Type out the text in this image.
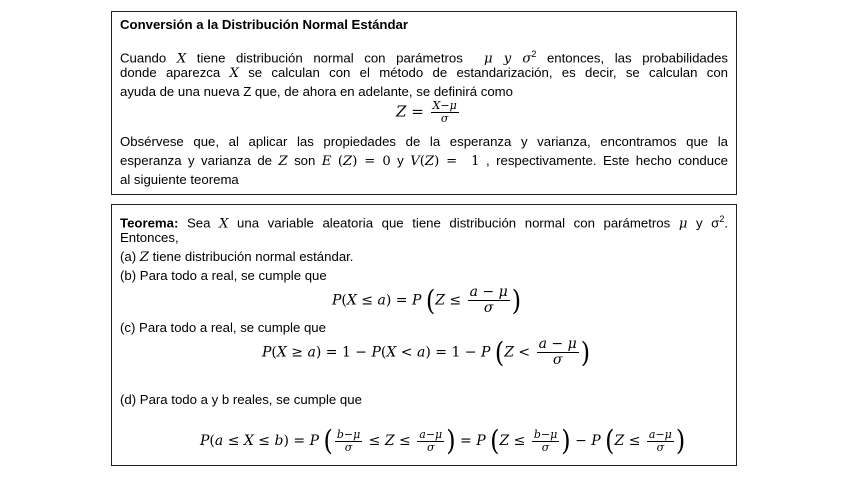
Conversión a la Distribución Normal Estándar
Cuando X tiene distribución normal con parámetros  μ y $\sigma^2$ entonces, las probabilidades
donde aparezca X se calculan con el método de estandarización, es decir, se calculan con
ayuda de una nueva Z que, de ahora en adelante, se definirá como
$Z = \frac{X-\mu}{\sigma}$
Obsérvese que, al aplicar las propiedades de la esperanza y varianza, encontramos que la
esperanza y varianza de Z son E (Z) = 0 y V(Z) =  1 , respectivamente. Este hecho conduce
al siguiente teorema
Teorema: Sea X una variable aleatoria que tiene distribución normal con parámetros μ y $\sigma^2$.
Entonces,
(a) Z tiene distribución normal estándar.
(b) Para todo a real, se cumple que
P(X ≤ a) = P ($Z \le \frac{a - \mu}{\sigma}$ )
(c) Para todo a real, se cumple que
P(X ≥ a) = 1 − P(X < a) = 1 − P ($Z < \frac{a - \mu}{\sigma}$ )
(d) Para todo a y b reales, se cumple que
P(a ≤ X ≤ b) = P ( $\frac{b-\mu}{\sigma} \le Z \le \frac{a-\mu}{\sigma}$ ) = P ($Z \le \frac{b-\mu}{\sigma}$ ) − P ($Z \le \frac{a-\mu}{\sigma}$ )
